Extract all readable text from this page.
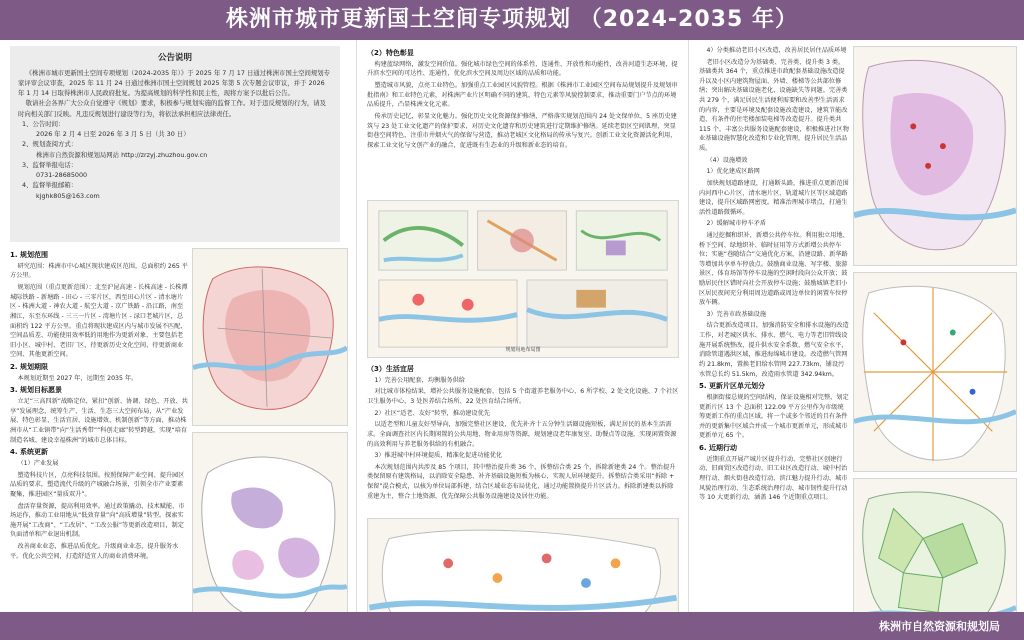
株洲市城市更新国土空间专项规划 （2024-2035 年）
公告说明

《株洲市城市更新国土空间专项规划（2024-2035 年）》于 2025 年 7 月 17 日通过株洲市国土空间规划专家评审会议审查，2025 年 11 月 24 日通过株洲市国土空间规划 2025 年第 5 次专题会议审议，并于 2026 年 1 月 14 日取得株洲市人民政府批复。为提高规划的科学性和民主性，现将方案予以批后公告。

敬请社会各界广大公众自觉遵守《规划》要求，积极参与规划实施的监督工作。对于违反规划的行为，请及时向相关部门反映。凡违反规划进行建设等行为，将依法承担相应法律责任。

1、公告时间：
2026 年 2 月 4 日至 2026 年 3 月 5 日（共 30 日）
2、规划查阅方式：
株洲市自然资源和规划局网站 http://zrzyj.zhuzhou.gov.cn
3、监督举报电话：
0731-28685000
4、监督举报邮箱：
kjghk805@163.com
1. 规划范围

研究范围：株洲市中心城区现状建成区范围，总面积约 265 平方公里。

规划范围（重点更新范围）：北至沪昆高速 - 长株高速 - 长株潭城际铁路 - 新塘路 - 田心 - 三零片区，西至田心片区 - 清水塘片区 - 株洲大道 - 神农大道 - 航空大道 - 京广铁路 - 沿江路，南至湘江，东至东环线 - 三三一片区 - 湾塘片区 - 渌口老城片区，总面积约 122 平方公里。重点将现状建成区内与城市发展不匹配、空间品质差、功能使用效率低的用地作为更新对象，主要包括老旧小区、城中村、老旧厂区、待更新历史文化空间、待更新商业空间、其他更新空间。

2. 规划期限

本规划近期至 2027 年，远期至 2035 年。

3. 规划目标愿景

立足“三高四新”战略定位，紧扣“创新、协调、绿色、开放、共享”发展理念，统筹生产、生活、生态三大空间布局，从“产业发展、特色彰显、生活宜居、设施增效、机制创新”等方面，推动株洲市从“工业镇带”向“生活秀带”“科创走廊”转型跨越，实现“培育制造名城、建设幸福株洲”的城市总体目标。

4. 系统更新

（1）产业发展

塑造科技片区，点亮科技氛围。按照保障产业空间、提升园区品质的要求，塑造流代升级的产城融合场景，引领全市产业要素聚集，推进园区“量质双升”。

盘活存量资源，提高利用效率。通过政策撬动、技术赋能、市场运作，推动工业用地从“低效存量”向“高质增量”转型。探索实施开展“工改商”、“工改居”、“工改公服”等更新改造项目，制定负面清单和产业退出机制。

改善商业业态，推进品质优化。升级商业业态，提升服务水平。优化公共空间，打造舒适宜人的商业消费环境。

（2）特色彰显

构建蓝绿网络，激发空间价值。强化城市绿色空间的体系性、连通性、开放性和功能性，改善河道生态环境，提升滨水空间的可达性、连通性，优化滨水空间及周边区域的品质和功能。

塑造城市风貌，点亮工业特色。加强重点工业园区风貌管控。根据《株洲市工业园区空间布局规划提升及规划审批指南》和工业特色元素，对株洲产业片区明确不同的建筑、特色元素等风貌控制要求，推动重要门户节点的环境品质提升，凸显株洲文化元素。

传承历史记忆，彰显文化魅力。强化历史文化资源保护修缮，严格落实规划范围内 24 处文保单位、5 座历史建筑与 23 处工业文化遗产的保护要求，对历史文化遗存和历史建筑进行定期维护修缮。延续老街区空间肌理，突显街巷空间特色，注重市井烟火气的保留与营造，推动老城区文化格局的传承与复兴。创新工业文化资源活化利用，探索工业文化与文创产业的融合，促进既有生态业的升级和新业态的培育。

规划用地布局图
（3）生活宜居

1）完善公用配套，均衡服务供给

对比城市体检结果，增补公共服务设施配套，包括 5 个街道养老服务中心、6 所学校、2 处文化设施、7 个社区卫生服务中心、3 处医养结合场所、22 处医育结合场所。

2）社区“适老、友好”转型，推动建设优先

以适老型和儿童友好型导向，加强完整社区建设，优先补齐十五分钟生活圈设施短板，满足居民的基本生活需求。全面调查社区内长期闲置的公共用地、物业用房等资源，规划建设老年康复室、助餐点等设施，实现闲置资源的高效利用与养老服务供给的有机融合。

3）推进城中村环境提质，精准化促进功能优化

本次规划范围内共涉及 85 个项目，其中整治提升类 36 个，拆整结合类 25 个，拆除新建类 24 个。整治提升类保留原有建筑格局，以消除安全隐患、补齐基础设施短板为核心，实现人居环境提升。拆整结合类采用“拆除 + 保留”混合模式，以核为单位局部拆建，结合区域业态布局优化，通过功能置换提升片区活力。拆除新建类以拆除重建为主，整合土地资源，优先保障公共服务设施建设及居住功能。

4）分类推动老旧小区改造，改善居民居住品质环境

老旧小区改造分为基础类、完善类、提升类 3 类。基础类共 364 个，重点推进市政配套基础设施改造提升以及小区内建筑物屋面、外墙、楼梯等公共部位修缮；突出解决基础设施老化、设施缺失等问题。完善类共 279 个，满足居民生活便利需要和改善型生活需求的内容，主要是环境及配套设施改造建设，建筑节能改造，有条件的住宅楼加装电梯等改造提升。提升类共 115 个，丰富公共服务设施配套建设，积极推进社区物业基础设施智慧化改造和专业化管理，提升居民生活品质。

（4）设施增效

1）优化建成区路网

加快规划道路建设，打通断头路，推进重点更新范围内河西中心片区、清水塘片区、轨道城片区等区域道路建设，提升区域路网密度。精准治理城市堵点，打通生活性道路微循环。

2）缓解城市停车矛盾

通过挖掘和织补，新增公共停车位。利用独立用地、桥下空间、绿地织补、临时征用等方式新增公共停车位；实施“巷随结合”交通优化方案，沿建设路、新华路等增加共享单车停放点。鼓励商业设施、写字楼、旅游景区、体育场馆等停车设施的空闲时段向公众开放；鼓励居民住区错时向社会开放停车设施；鼓励城镇老旧小区居民夜间充分利用周边道路或周边单位的闲置车位停放车辆。

3）完善市政基础设施

结合更新改造项目，加强消防安全和排水设施的改造工作，对老城区供水、排水、燃气、电力等老旧管线设施开展系统整改，提升供水安全系数、燃气安全水平，消除管道遇洪区域，推进海绵城市建设。改造燃气管网约 21.8km，置换老旧给水管网 227.73km，铺设污水管总长约 51.5km，改造雨水管道 342.94km。

5. 更新片区单元划分

根据街接总规的空间结构，保证设施相对完整，划定更新片区 13 个 总面积 122.09 平方公里作为市级统筹更新工作的重点区域。将一个或多个邻近的且有条件并的更新集中区域合并成一个城市更新单元，形成城市更新单元 65 个。

6. 近期行动

近期重点开展产城片区提升行动、完整社区创建行动、旧商贸区改造行动、旧工业区改造行动、城中村治理行动、烟火街巷改造行动、滨江魅力提升行动、城市风貌治理行动、生态系统治理行动、城市韧性提升行动等 10 大更新行动，涵盖 146 个近期重点项目。

株洲市自然资源和规划局
